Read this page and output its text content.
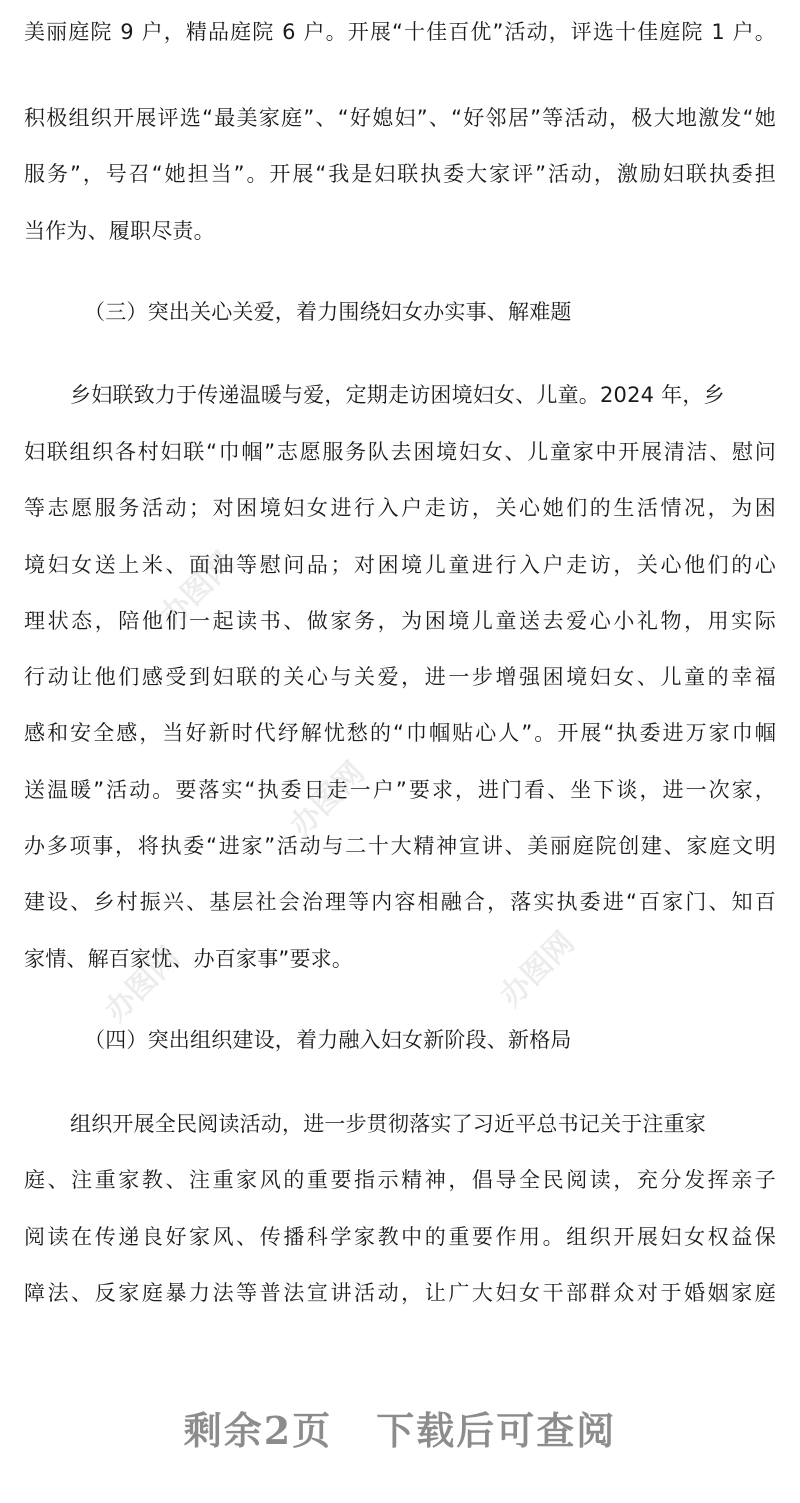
办图网
办图网	办图网
办图网
美丽庭院 9 户，精品庭院 6 户。开展“十佳百优”活动，评选十佳庭院 1 户。
积极组织开展评选“最美家庭”、“好媳妇”、“好邻居”等活动，极大地激发“她
服务”，号召“她担当”。开展“我是妇联执委大家评”活动，激励妇联执委担
当作为、履职尽责。
（三）突出关心关爱，着力围绕妇女办实事、解难题
乡妇联致力于传递温暖与爱，定期走访困境妇女、儿童。2024 年，乡
妇联组织各村妇联“巾帼”志愿服务队去困境妇女、儿童家中开展清洁、慰问
等志愿服务活动；对困境妇女进行入户走访，关心她们的生活情况，为困
境妇女送上米、面油等慰问品；对困境儿童进行入户走访，关心他们的心
理状态，陪他们一起读书、做家务，为困境儿童送去爱心小礼物，用实际
行动让他们感受到妇联的关心与关爱，进一步增强困境妇女、儿童的幸福
感和安全感，当好新时代纾解忧愁的“巾帼贴心人”。开展“执委进万家巾帼
送温暖”活动。要落实“执委日走一户”要求，进门看、坐下谈，进一次家，
办多项事，将执委“进家”活动与二十大精神宣讲、美丽庭院创建、家庭文明
建设、乡村振兴、基层社会治理等内容相融合，落实执委进“百家门、知百
家情、解百家忧、办百家事”要求。
（四）突出组织建设，着力融入妇女新阶段、新格局
组织开展全民阅读活动，进一步贯彻落实了习近平总书记关于注重家
庭、注重家教、注重家风的重要指示精神，倡导全民阅读，充分发挥亲子
阅读在传递良好家风、传播科学家教中的重要作用。组织开展妇女权益保
障法、反家庭暴力法等普法宣讲活动，让广大妇女干部群众对于婚姻家庭
剩余2页 下载后可查阅
